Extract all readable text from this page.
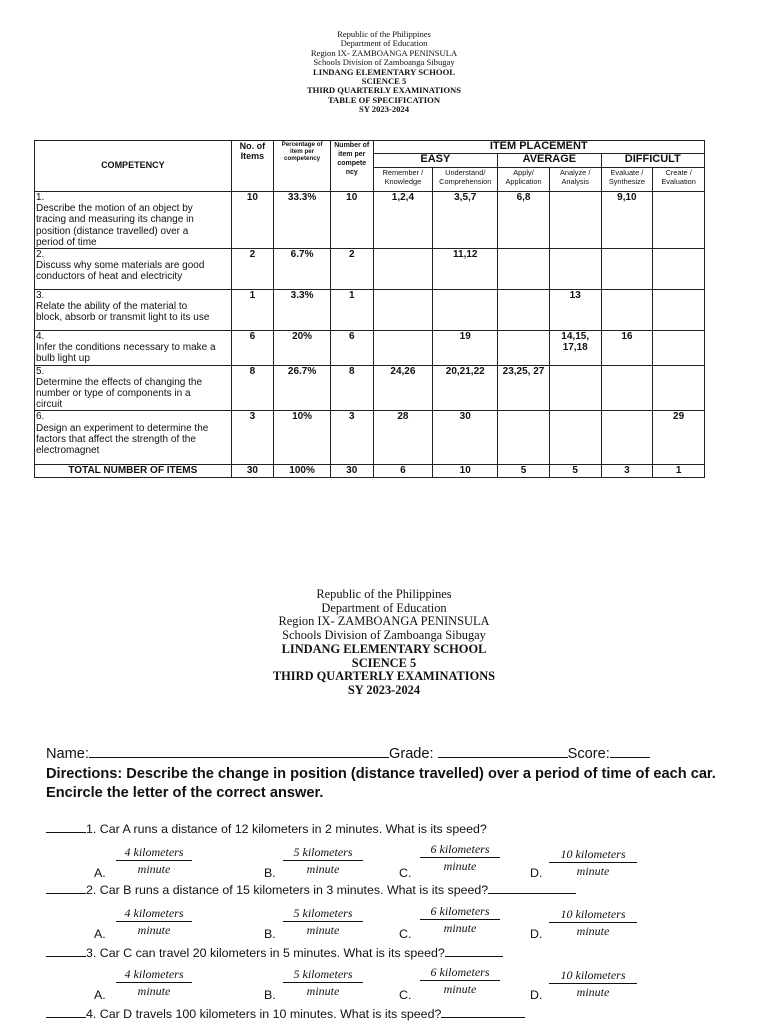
Republic of the Philippines
Department of Education
Region IX- ZAMBOANGA PENINSULA
Schools Division of Zamboanga Sibugay
LINDANG ELEMENTARY SCHOOL
SCIENCE 5
THIRD QUARTERLY EXAMINATIONS
TABLE OF SPECIFICATION
SY 2023-2024
COMPETENCY	No. of Items	Percentage of item per competency	Number of item per compete ncy	ITEM PLACEMENT					
				EASY		AVERAGE		DIFFICULT	
				Remember / Knowledge	Understand/ Comprehension	Apply/ Application	Analyze / Analysis	Evaluate / Synthesize	Create / Evaluation
1.Describe the motion of an object by tracing and measuring its change in position (distance travelled) over a period of time	10	33.3%	10	1,2,4	3,5,7	6,8		9,10	
2.Discuss why some materials are good conductors of heat and electricity	2	6.7%	2		11,12				
3.Relate the ability of the material to block, absorb or transmit light to its use	1	3.3%	1				13		
4.Infer the conditions necessary to make a bulb light up	6	20%	6		19		14,15, 17,18	16	
5.Determine the effects of changing the number or type of components in a circuit	8	26.7%	8	24,26	20,21,22	23,25, 27			
6.Design an experiment to determine the factors that affect the strength of the electromagnet	3	10%	3	28	30				29
TOTAL NUMBER OF ITEMS	30	100%	30	6	10	5	5	3	1
Republic of the Philippines
Department of Education
Region IX- ZAMBOANGA PENINSULA
Schools Division of Zamboanga Sibugay
LINDANG ELEMENTARY SCHOOL
SCIENCE 5
THIRD QUARTERLY EXAMINATIONS
SY 2023-2024
Name:	Grade:	Score:
Directions: Describe the change in position (distance travelled) over a period of time of each car. Encircle the letter of the correct answer.
1. Car A runs a distance of 12 kilometers in 2 minutes. What is its speed?
2. Car B runs a distance of 15 kilometers in 3 minutes. What is its speed?
3. Car C can travel 20 kilometers in 5 minutes. What is its speed?
4. Car D travels 100 kilometers in 10 minutes. What is its speed?
A.
4 kilometers
minute	B.
5 kilometers
minute	C.
6 kilometers
minute	D.
10 kilometers
minute
A.
4 kilometers
minute	B.
5 kilometers
minute	C.
6 kilometers
minute	D.
10 kilometers
minute
A.
4 kilometers
minute	B.
5 kilometers
minute	C.
6 kilometers
minute	D.
10 kilometers
minute
